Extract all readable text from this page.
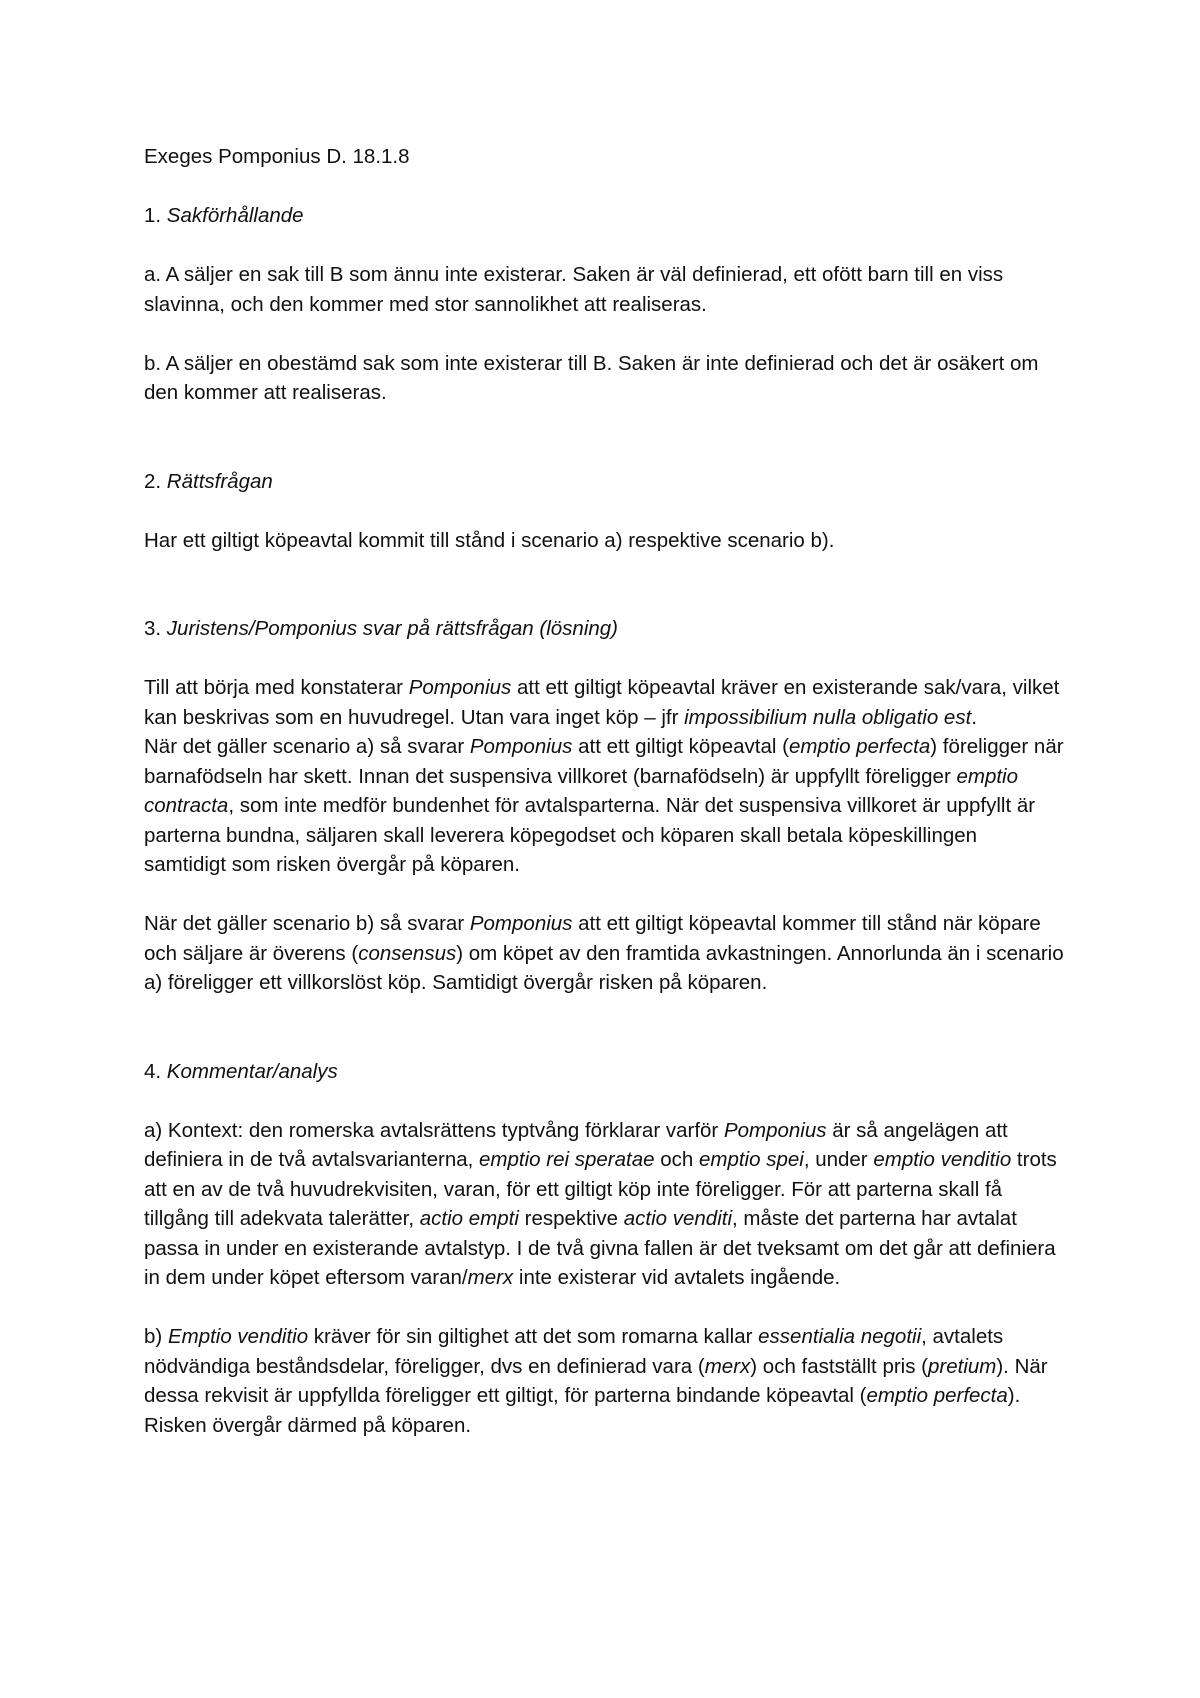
Exeges Pomponius D. 18.1.8

1. Sakförhållande

a. A säljer en sak till B som ännu inte existerar. Saken är väl definierad, ett ofött barn till en viss slavinna, och den kommer med stor sannolikhet att realiseras.

b. A säljer en obestämd sak som inte existerar till B. Saken är inte definierad och det är osäkert om den kommer att realiseras.

2. Rättsfrågan

Har ett giltigt köpeavtal kommit till stånd i scenario a) respektive scenario b).

3. Juristens/Pomponius svar på rättsfrågan (lösning)

Till att börja med konstaterar Pomponius att ett giltigt köpeavtal kräver en existerande sak/vara, vilket kan beskrivas som en huvudregel. Utan vara inget köp – jfr impossibilium nulla obligatio est.

När det gäller scenario a) så svarar Pomponius att ett giltigt köpeavtal (emptio perfecta) föreligger när barnafödseln har skett. Innan det suspensiva villkoret (barnafödseln) är uppfyllt föreligger emptio contracta, som inte medför bundenhet för avtalsparterna. När det suspensiva villkoret är uppfyllt är parterna bundna, säljaren skall leverera köpegodset och köparen skall betala köpeskillingen samtidigt som risken övergår på köparen.

När det gäller scenario b) så svarar Pomponius att ett giltigt köpeavtal kommer till stånd när köpare och säljare är överens (consensus) om köpet av den framtida avkastningen. Annorlunda än i scenario a) föreligger ett villkorslöst köp. Samtidigt övergår risken på köparen.

4. Kommentar/analys

a) Kontext: den romerska avtalsrättens typtvång förklarar varför Pomponius är så angelägen att definiera in de två avtalsvarianterna, emptio rei speratae och emptio spei, under emptio venditio trots att en av de två huvudrekvisiten, varan, för ett giltigt köp inte föreligger. För att parterna skall få tillgång till adekvata talerätter, actio empti respektive actio venditi, måste det parterna har avtalat passa in under en existerande avtalstyp. I de två givna fallen är det tveksamt om det går att definiera in dem under köpet eftersom varan/merx inte existerar vid avtalets ingående.

b) Emptio venditio kräver för sin giltighet att det som romarna kallar essentialia negotii, avtalets nödvändiga beståndsdelar, föreligger, dvs en definierad vara (merx) och fastställt pris (pretium). När dessa rekvisit är uppfyllda föreligger ett giltigt, för parterna bindande köpeavtal (emptio perfecta). Risken övergår därmed på köparen.
